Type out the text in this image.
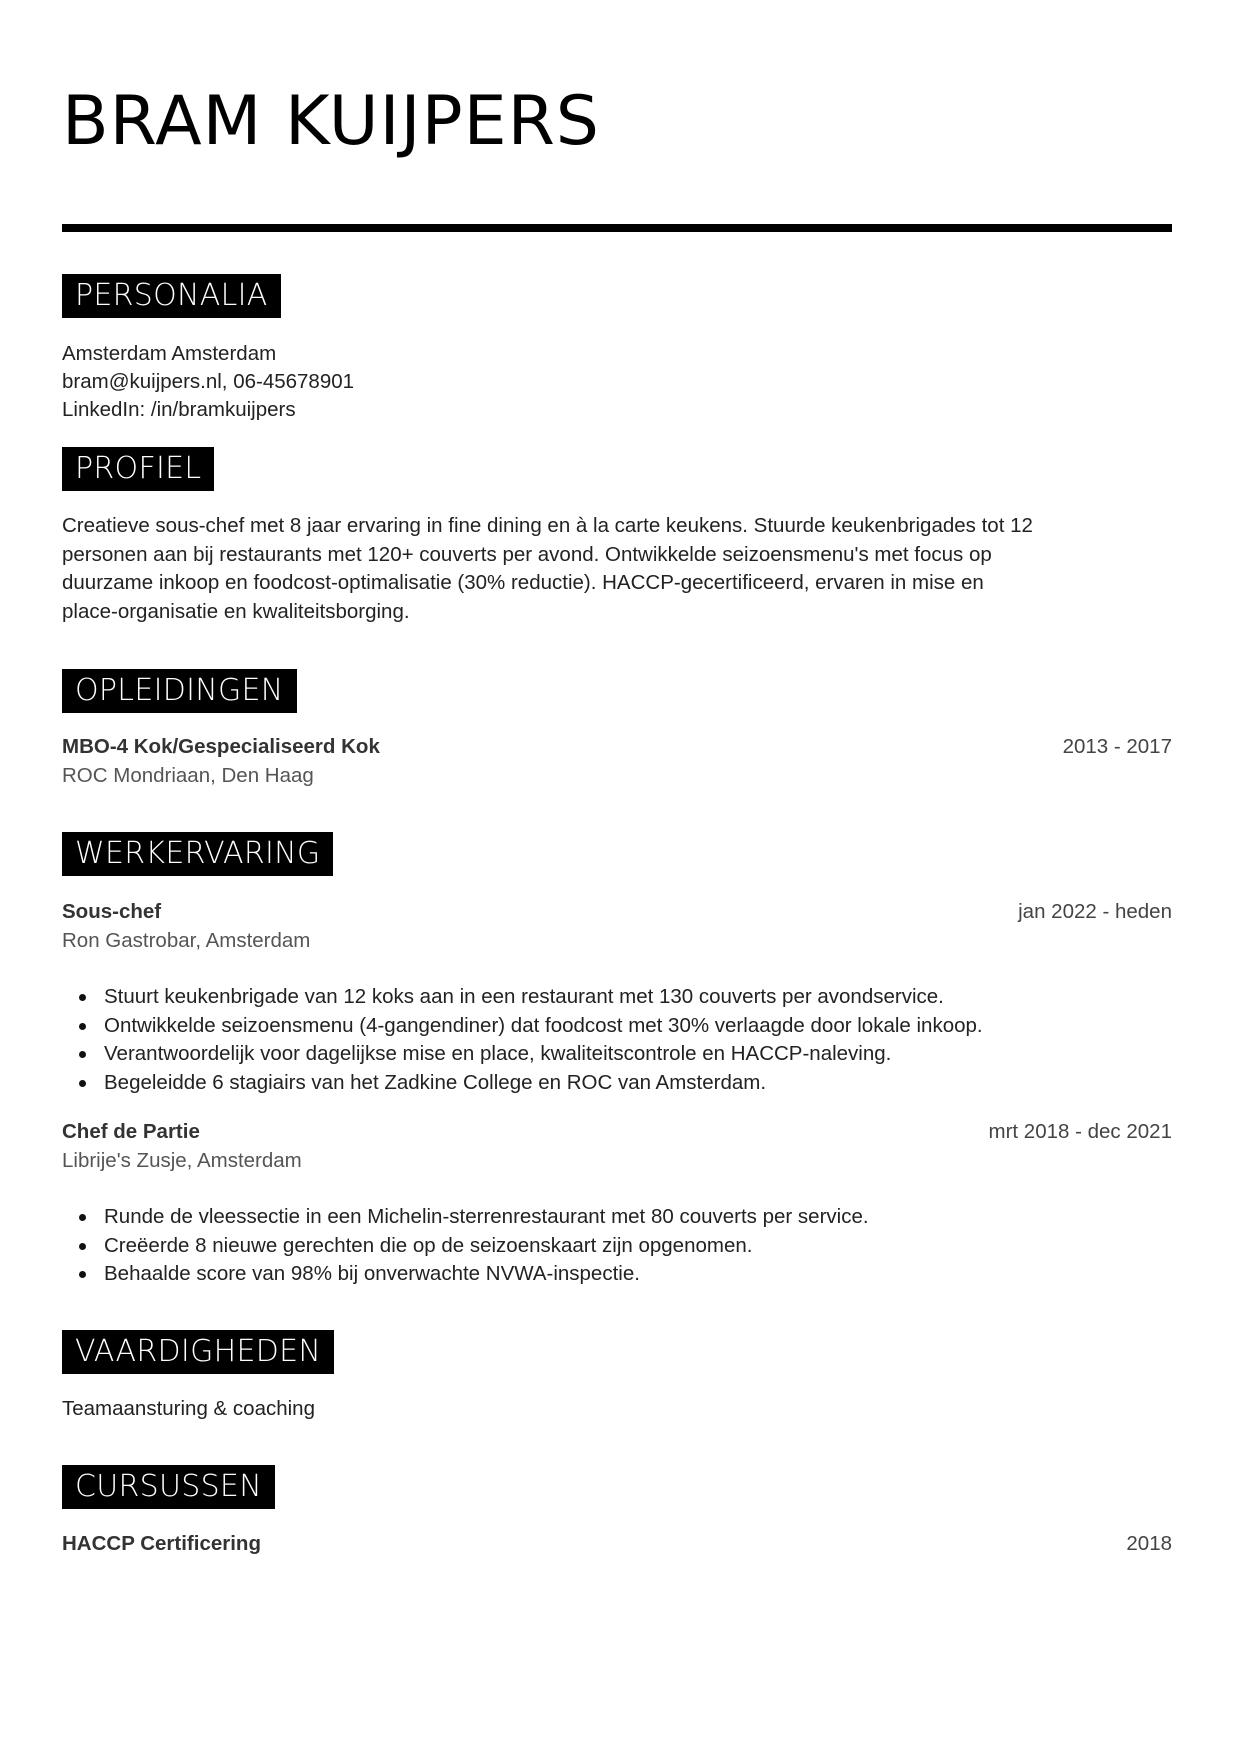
BRAM KUIJPERS
PERSONALIA

Amsterdam Amsterdam

bram@kuijpers.nl, 06-45678901

LinkedIn: /in/bramkuijpers

PROFIEL
Creatieve sous-chef met 8 jaar ervaring in fine dining en à la carte keukens. Stuurde keukenbrigades tot 12
personen aan bij restaurants met 120+ couverts per avond. Ontwikkelde seizoensmenu's met focus op
duurzame inkoop en foodcost-optimalisatie (30% reductie). HACCP-gecertificeerd, ervaren in mise en
place-organisatie en kwaliteitsborging.
OPLEIDINGEN
MBO-4 Kok/Gespecialiseerd Kok	2013 - 2017
ROC Mondriaan, Den Haag
WERKERVARING
Sous-chef	jan 2022 - heden
Ron Gastrobar, Amsterdam
Stuurt keukenbrigade van 12 koks aan in een restaurant met 130 couverts per avondservice.
Ontwikkelde seizoensmenu (4-gangendiner) dat foodcost met 30% verlaagde door lokale inkoop.
Verantwoordelijk voor dagelijkse mise en place, kwaliteitscontrole en HACCP-naleving.
Begeleidde 6 stagiairs van het Zadkine College en ROC van Amsterdam.
Chef de Partie	mrt 2018 - dec 2021
Librije's Zusje, Amsterdam
Runde de vleessectie in een Michelin-sterrenrestaurant met 80 couverts per service.
Creëerde 8 nieuwe gerechten die op de seizoenskaart zijn opgenomen.
Behaalde score van 98% bij onverwachte NVWA-inspectie.
VAARDIGHEDEN

Teamaansturing & coaching

CURSUSSEN
HACCP Certificering	2018
